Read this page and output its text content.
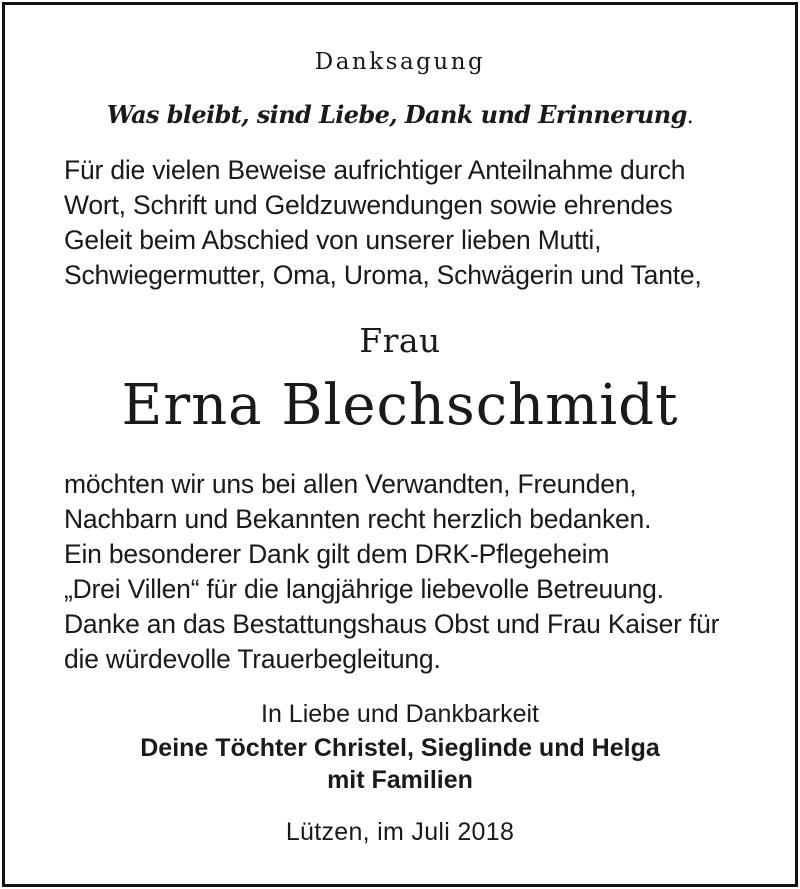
Danksagung
Was bleibt, sind Liebe, Dank und Erinnerung.
Für die vielen Beweise aufrichtiger Anteilnahme durch
Wort, Schrift und Geldzuwendungen sowie ehrendes
Geleit beim Abschied von unserer lieben Mutti,
Schwiegermutter, Oma, Uroma, Schwägerin und Tante,
Frau
Erna Blechschmidt
möchten wir uns bei allen Verwandten, Freunden,
Nachbarn und Bekannten recht herzlich bedanken.
Ein besonderer Dank gilt dem DRK-Pflegeheim
„Drei Villen“ für die langjährige liebevolle Betreuung.
Danke an das Bestattungshaus Obst und Frau Kaiser für
die würdevolle Trauerbegleitung.
In Liebe und Dankbarkeit
Deine Töchter Christel, Sieglinde und Helga
mit Familien
Lützen, im Juli 2018
